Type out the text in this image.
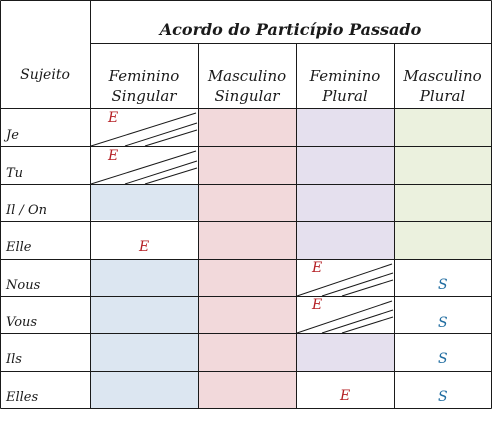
Acordo do Particípio Passado
Sujeito	Feminino
Singular
Masculino
Singular
Feminino
Plural
Masculino
Plural
Je
Tu
Il / On
Elle
Nous
Vous
Ils
Elles
E
E
E
E
E
E
S
S
S
S
